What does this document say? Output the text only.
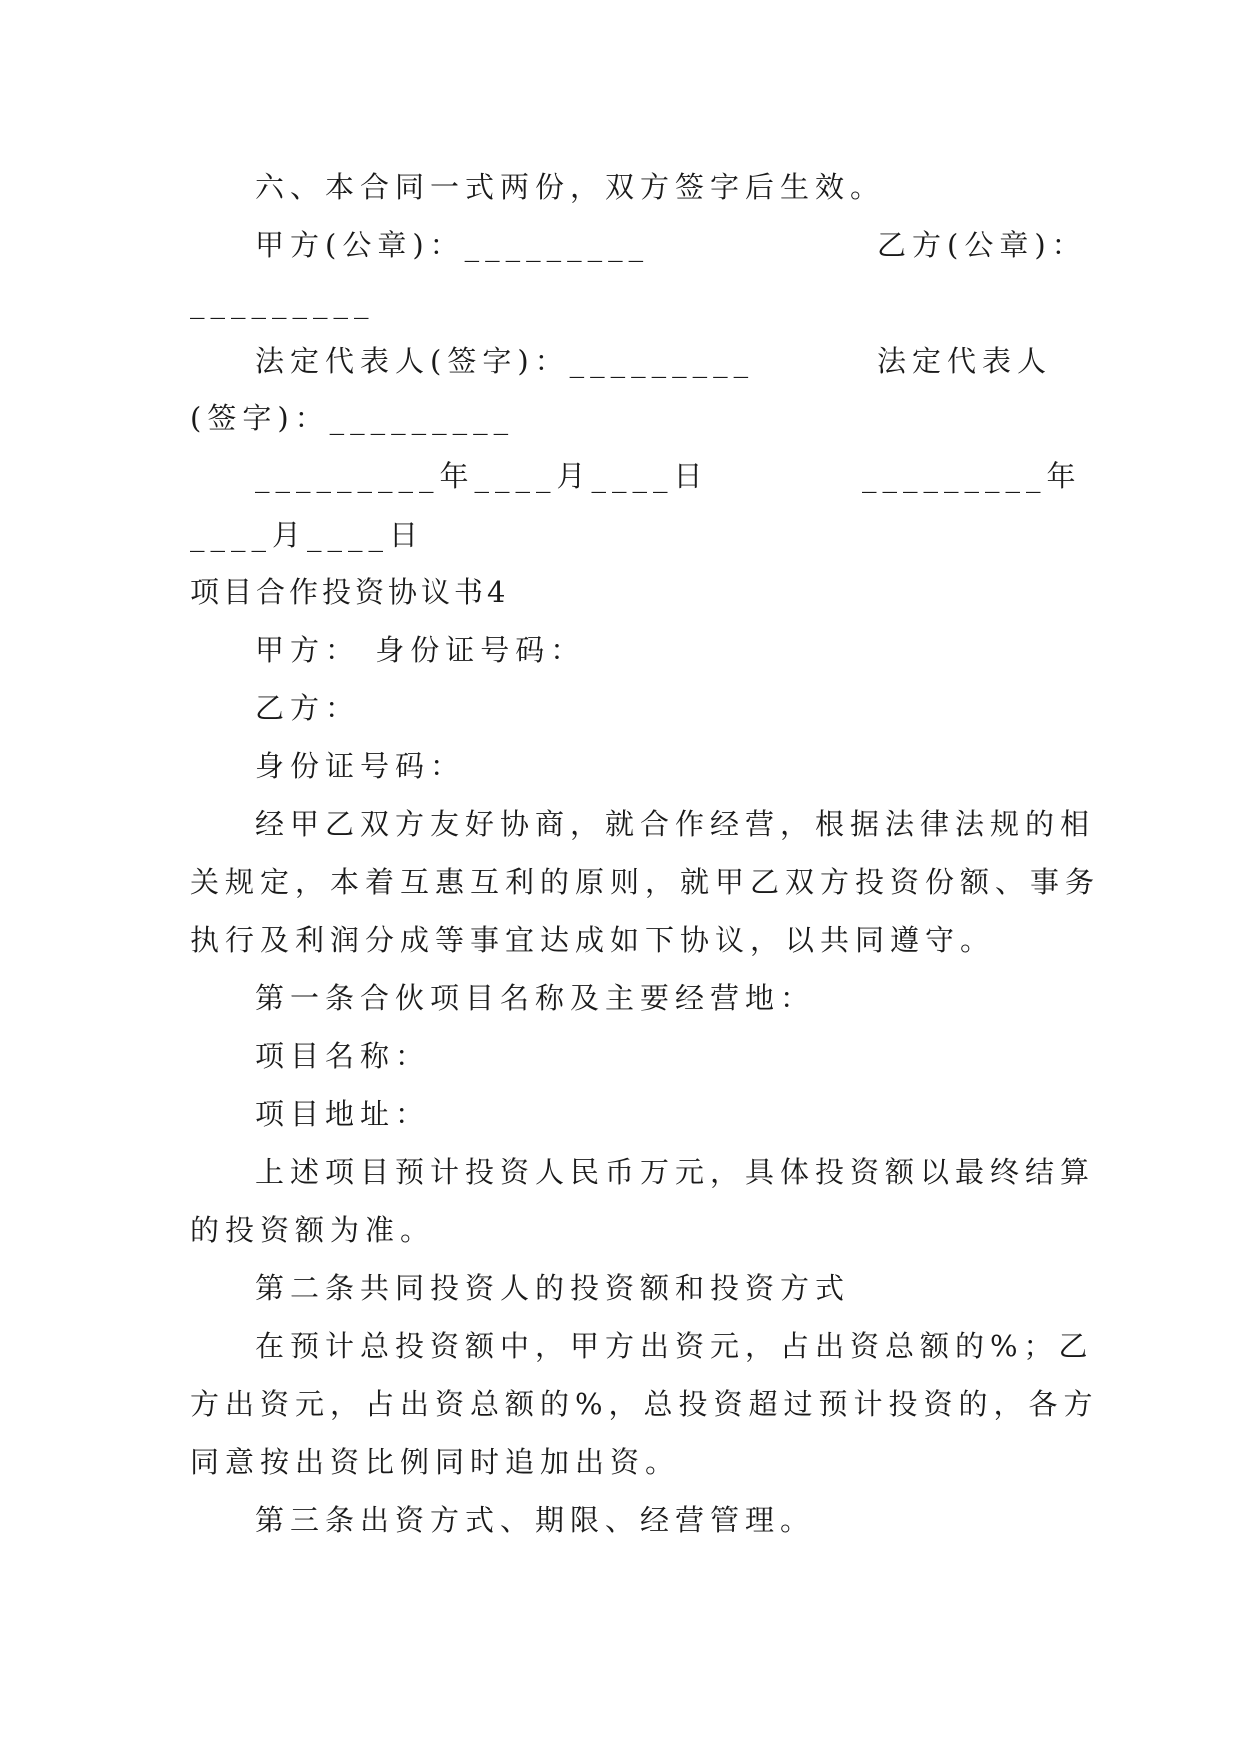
六、本合同一式两份，双方签字后生效。
甲方(公章)：_________	乙方(公章)：
_________
法定代表人(签字)：_________	法定代表人
(签字)：_________
_________年____月____日	_________年
____月____日
项目合作投资协议书4
甲方： 身份证号码：
乙方：
身份证号码：
经甲乙双方友好协商，就合作经营，根据法律法规的相
关规定，本着互惠互利的原则，就甲乙双方投资份额、事务
执行及利润分成等事宜达成如下协议，以共同遵守。
第一条合伙项目名称及主要经营地：
项目名称：
项目地址：
上述项目预计投资人民币万元，具体投资额以最终结算
的投资额为准。
第二条共同投资人的投资额和投资方式
在预计总投资额中，甲方出资元，占出资总额的%；乙
方出资元，占出资总额的%，总投资超过预计投资的，各方
同意按出资比例同时追加出资。
第三条出资方式、期限、经营管理。
